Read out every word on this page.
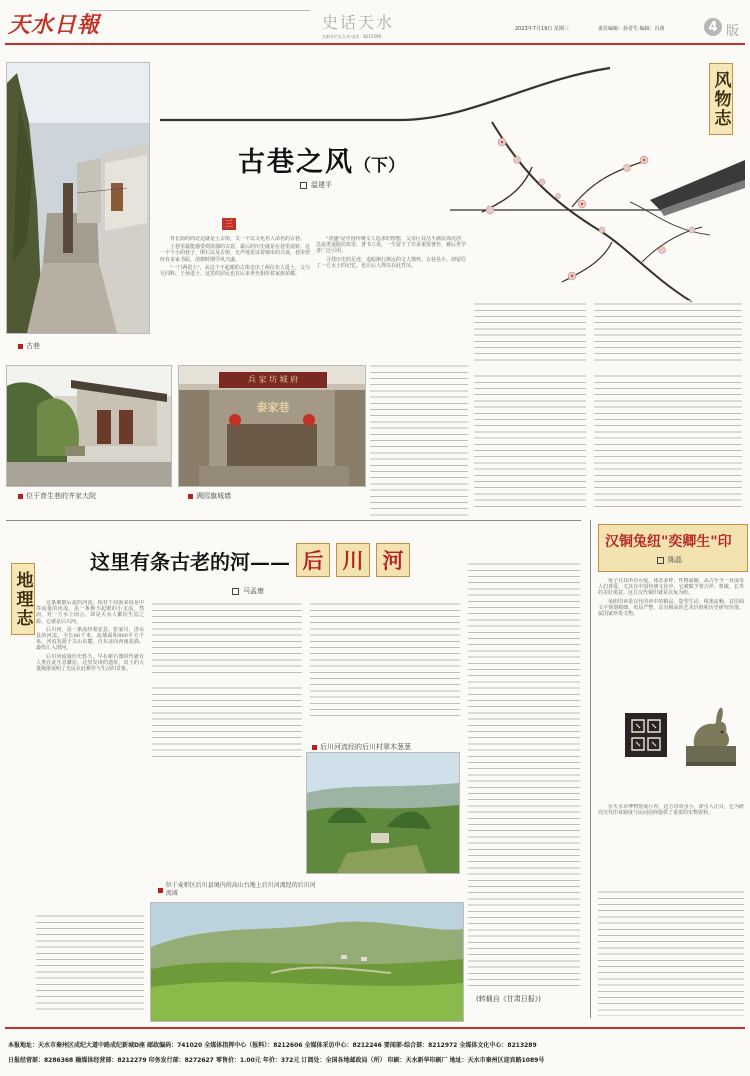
天水日報	史话天水
全新专栏在天水·电话：8215596
2023年7月19日 星期三	责任编辑：孙晋生 编辑：冯黄	4 版
古巷
古巷之风 （下）
温建平
风物志
三

背长街的西北边就是土古街，又一个以文化名人命名的古巷。

土巷里最能感受到浓郁的古意，最后的历史就是在巷里流转。这一个个小的巷子、卵石以及古树，无声地见证着城市的兴衰。巷里曾经有多家书院，清朝时期学风兴盛。

"一门两进士"，从这个不起眼的古街走出了两位名人进士，父与兄同科、子孙进士。这里的居民也在后来世代相传着家族荣耀。

"清盛"是中国传统文人追求的理想，父亲巨其昌不满宦海沉浮，急流勇退隐居故里，著书立说，一生留下了许多重要著作，被后世学者广泛引用。

寻找历史的足迹，追踪渐行渐远的文人情怀。古巷虽小，却留住了一方水土的记忆，也让后人得以在此凭吊。

位于育生巷的齐家大院
兵 家 坊 城 府
泰家巷
满园旗城墙
地理志
这里有条古老的河—— 后 川 河
马孟康

这条聚散后流的河流，相对于周围来说是中等流量的河流，虽一条极不起眼的小支流，然而，对一方水土而言，却是天水人繁衍生息之源。它就是后川河。

后川河，是一条流经秦安县、张家川、清水县的河流，全长66千米，流域面积800平方千米。河流发源于关山东麓，自东北向西南流淌，最终汇入渭河。

后川河流域历史悠久，早在新石器时代就有人类在此生息繁衍。这里发现的遗址，出土的大量陶器说明了先民在此耕作与生活的景象。

后川河流经的后川村翠木葱葱
位于麦积区后川县境内的高山台地上后川河流经的后川河流域
汉铜兔纽"奕卿生"印
陈晶

兔子在其所有可爱，体态多样，性格温顺。从古至今一直深受人们喜爱，尤其在中国传统文化中，它被赋予着吉祥、机敏、长寿的美好寓意。这方汉代铜印就是以兔为纽。

兔纽印章是汉代印章中的精品，造型生动，线条流畅，其印面文字刻划精细，布局严整，具有极高的艺术价值和历史研究价值，属国家珍贵文物。

在天水市博物馆展厅内，这方印章虽小，却引人注目，它为研究汉代印章制度与民间信仰提供了重要的实物资料。

(转载自《甘肃日报》)
本报地址：天水市秦州区成纪大道中路成纪新城D座 邮政编码：741020 全媒体指挥中心（报料）：8212606 全媒体采访中心：8212246 要闻部·综合部：8212972 全媒体文化中心：8213289
日报经营部：8286368 融媒体经营部：8212279 印务发行部：8272627 零售价：1.00元 年价：372元 订阅处：全国各地邮政局（所） 印刷：天水新华印刷厂 地址：天水市秦州区迎宾路1089号
